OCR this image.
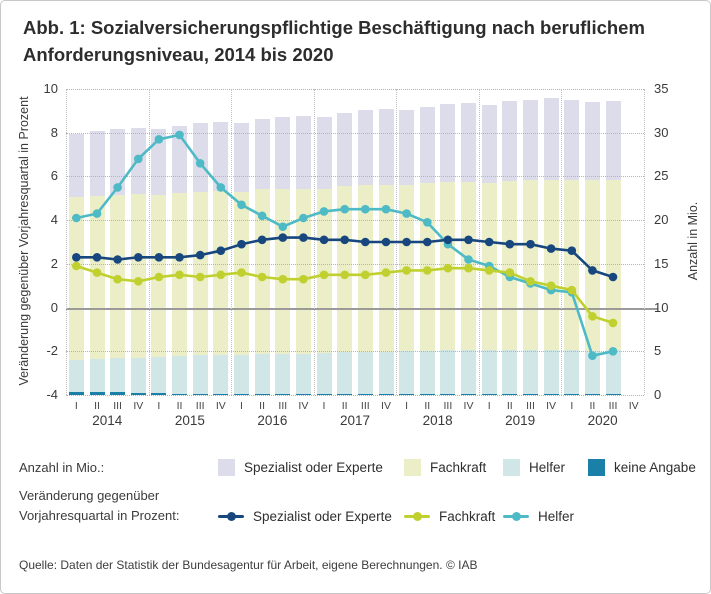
Abb. 1: Sozialversicherungspflichtige Beschäftigung nach beruflichem Anforderungsniveau, 2014 bis 2020
Veränderung gegenüber Vorjahresquartal in Prozent	Anzahl in Mio.
-4	0
-2	5
0	10
2	15
4	20
6	25
8	30
10	35
Anzahl in Mio.:
Veränderung gegenüber
Vorjahresquartal in Prozent:
Spezialist oder Experte	Fachkraft	Helfer	keine Angabe
Spezialist oder Experte	Fachkraft	Helfer
Quelle: Daten der Statistik der Bundesagentur für Arbeit, eigene Berechnungen. © IAB
I	II	III	IV	I	II	III	IV	I	II	III	IV	I	II	III	IV	I	II	III	IV	I	II	III	IV	I	II	III	IV
2014	2015	2016	2017	2018	2019	2020
